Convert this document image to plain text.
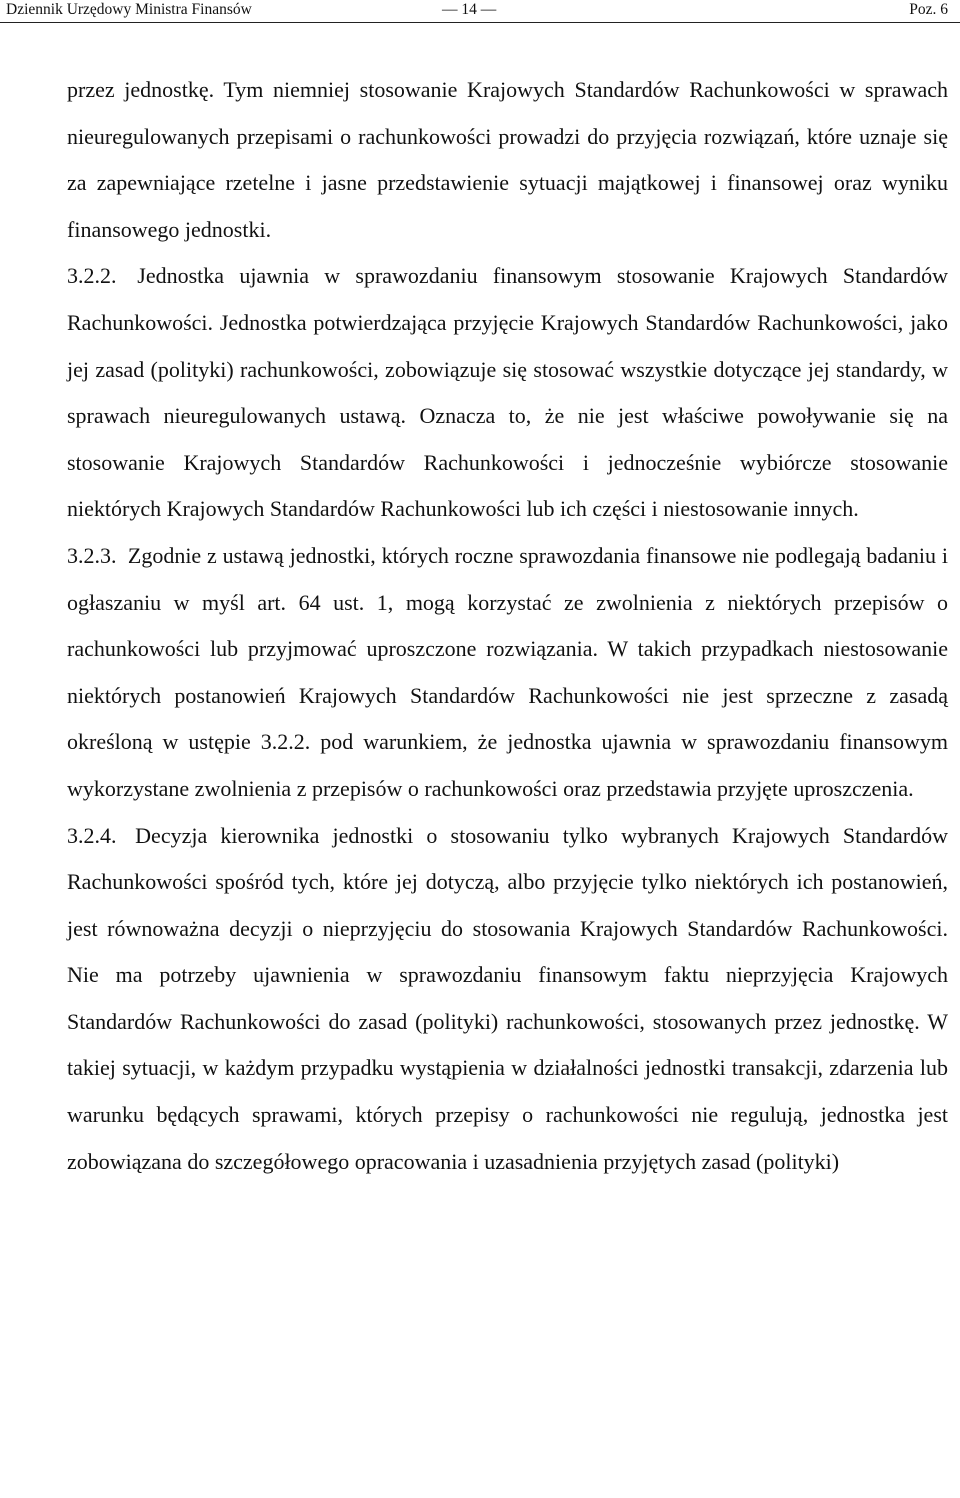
Dziennik Urzędowy Ministra Finansów	— 14 —	Poz. 6

przez jednostkę. Tym niemniej stosowanie Krajowych Standardów Rachunkowości w sprawach nieuregulowanych przepisami o rachunkowości prowadzi do przyjęcia rozwiązań, które uznaje się za zapewniające rzetelne i jasne przedstawienie sytuacji majątkowej i finansowej oraz wyniku finansowego jednostki.

3.2.2. Jednostka ujawnia w sprawozdaniu finansowym stosowanie Krajowych Standardów Rachunkowości. Jednostka potwierdzająca przyjęcie Krajowych Standardów Rachunkowości, jako jej zasad (polityki) rachunkowości, zobowiązuje się stosować wszystkie dotyczące jej standardy, w sprawach nieuregulowanych ustawą. Oznacza to, że nie jest właściwe powoływanie się na stosowanie Krajowych Standardów Rachunkowości i jednocześnie wybiórcze stosowanie niektórych Krajowych Standardów Rachunkowości lub ich części i niestosowanie innych.

3.2.3. Zgodnie z ustawą jednostki, których roczne sprawozdania finansowe nie podlegają badaniu i ogłaszaniu w myśl art. 64 ust. 1, mogą korzystać ze zwolnienia z niektórych przepisów o rachunkowości lub przyjmować uproszczone rozwiązania. W takich przypadkach niestosowanie niektórych postanowień Krajowych Standardów Rachunkowości nie jest sprzeczne z zasadą określoną w ustępie 3.2.2. pod warunkiem, że jednostka ujawnia w sprawozdaniu finansowym wykorzystane zwolnienia z przepisów o rachunkowości oraz przedstawia przyjęte uproszczenia.

3.2.4. Decyzja kierownika jednostki o stosowaniu tylko wybranych Krajowych Standardów Rachunkowości spośród tych, które jej dotyczą, albo przyjęcie tylko niektórych ich postanowień, jest równoważna decyzji o nieprzyjęciu do stosowania Krajowych Standardów Rachunkowości. Nie ma potrzeby ujawnienia w sprawozdaniu finansowym faktu nieprzyjęcia Krajowych Standardów Rachunkowości do zasad (polityki) rachunkowości, stosowanych przez jednostkę. W takiej sytuacji, w każdym przypadku wystąpienia w działalności jednostki transakcji, zdarzenia lub warunku będących sprawami, których przepisy o rachunkowości nie regulują, jednostka jest zobowiązana do szczegółowego opracowania i uzasadnienia przyjętych zasad (polityki)
